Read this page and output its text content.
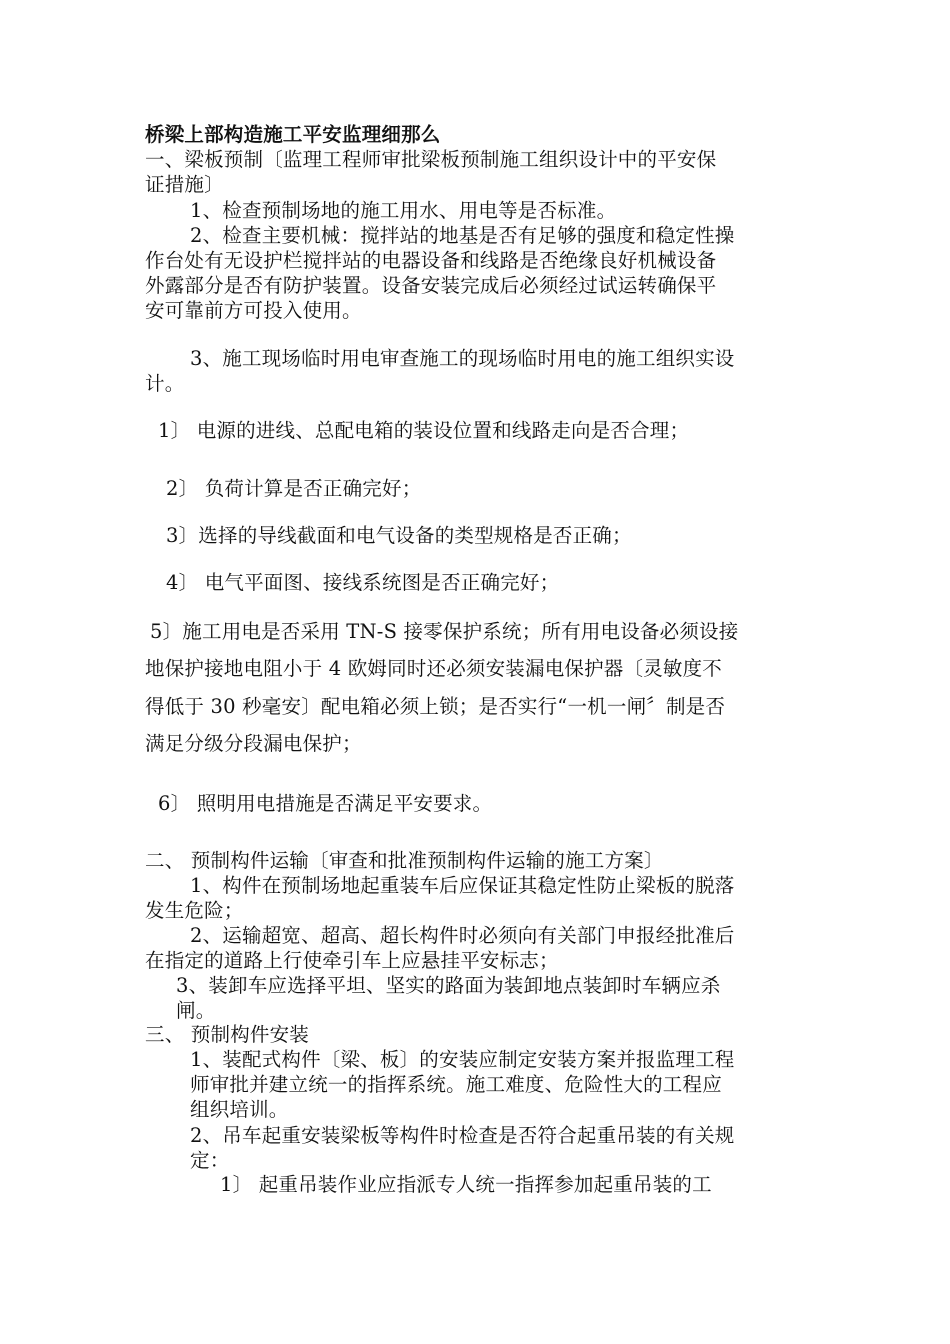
桥梁上部构造施工平安监理细那么
一、梁板预制〔监理工程师审批梁板预制施工组织设计中的平安保
证措施〕
1、检查预制场地的施工用水、用电等是否标准。
2、检查主要机械：搅拌站的地基是否有足够的强度和稳定性操
作台处有无设护栏搅拌站的电器设备和线路是否绝缘良好机械设备
外露部分是否有防护装置。设备安装完成后必须经过试运转确保平
安可靠前方可投入使用。
3、施工现场临时用电审查施工的现场临时用电的施工组织实设
计。
1〕 电源的进线、总配电箱的装设位置和线路走向是否合理；
2〕 负荷计算是否正确完好；
3〕选择的导线截面和电气设备的类型规格是否正确；
4〕 电气平面图、接线系统图是否正确完好；
5〕施工用电是否采用 TN-S 接零保护系统；所有用电设备必须设接
地保护接地电阻小于 4 欧姆同时还必须安装漏电保护器〔灵敏度不
得低于 30 秒毫安〕配电箱必须上锁；是否实行“一机一闸〞制是否
满足分级分段漏电保护；
6〕 照明用电措施是否满足平安要求。
二、 预制构件运输〔审查和批准预制构件运输的施工方案〕
1、构件在预制场地起重装车后应保证其稳定性防止梁板的脱落
发生危险；
2、运输超宽、超高、超长构件时必须向有关部门申报经批准后
在指定的道路上行使牵引车上应悬挂平安标志；
3、装卸车应选择平坦、坚实的路面为装卸地点装卸时车辆应杀
闸。
三、 预制构件安装
1、装配式构件〔梁、板〕的安装应制定安装方案并报监理工程
师审批并建立统一的指挥系统。施工难度、危险性大的工程应
组织培训。
2、吊车起重安装梁板等构件时检查是否符合起重吊装的有关规
定：
1〕 起重吊装作业应指派专人统一指挥参加起重吊装的工
